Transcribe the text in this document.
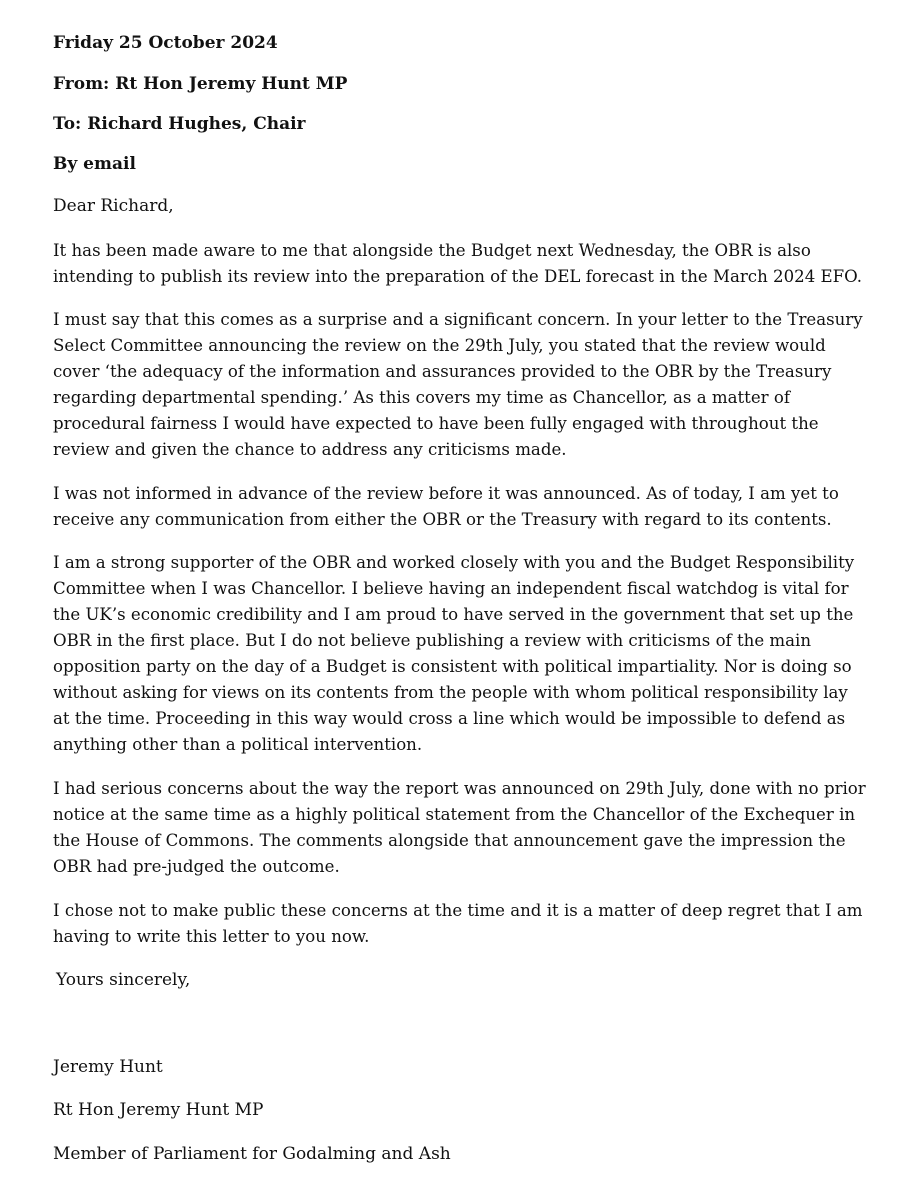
Friday 25 October 2024

From: Rt Hon Jeremy Hunt MP

To: Richard Hughes, Chair

By email

Dear Richard,

It has been made aware to me that alongside the Budget next Wednesday, the OBR is also
intending to publish its review into the preparation of the DEL forecast in the March 2024 EFO.
I must say that this comes as a surprise and a significant concern. In your letter to the Treasury
Select Committee announcing the review on the 29th July, you stated that the review would
cover ‘the adequacy of the information and assurances provided to the OBR by the Treasury
regarding departmental spending.’ As this covers my time as Chancellor, as a matter of
procedural fairness I would have expected to have been fully engaged with throughout the
review and given the chance to address any criticisms made.
I was not informed in advance of the review before it was announced. As of today, I am yet to
receive any communication from either the OBR or the Treasury with regard to its contents.
I am a strong supporter of the OBR and worked closely with you and the Budget Responsibility
Committee when I was Chancellor. I believe having an independent fiscal watchdog is vital for
the UK’s economic credibility and I am proud to have served in the government that set up the
OBR in the first place. But I do not believe publishing a review with criticisms of the main
opposition party on the day of a Budget is consistent with political impartiality. Nor is doing so
without asking for views on its contents from the people with whom political responsibility lay
at the time. Proceeding in this way would cross a line which would be impossible to defend as
anything other than a political intervention.
I had serious concerns about the way the report was announced on 29th July, done with no prior
notice at the same time as a highly political statement from the Chancellor of the Exchequer in
the House of Commons. The comments alongside that announcement gave the impression the
OBR had pre-judged the outcome.
I chose not to make public these concerns at the time and it is a matter of deep regret that I am
having to write this letter to you now.

Yours sincerely,

Jeremy Hunt

Rt Hon Jeremy Hunt MP

Member of Parliament for Godalming and Ash
